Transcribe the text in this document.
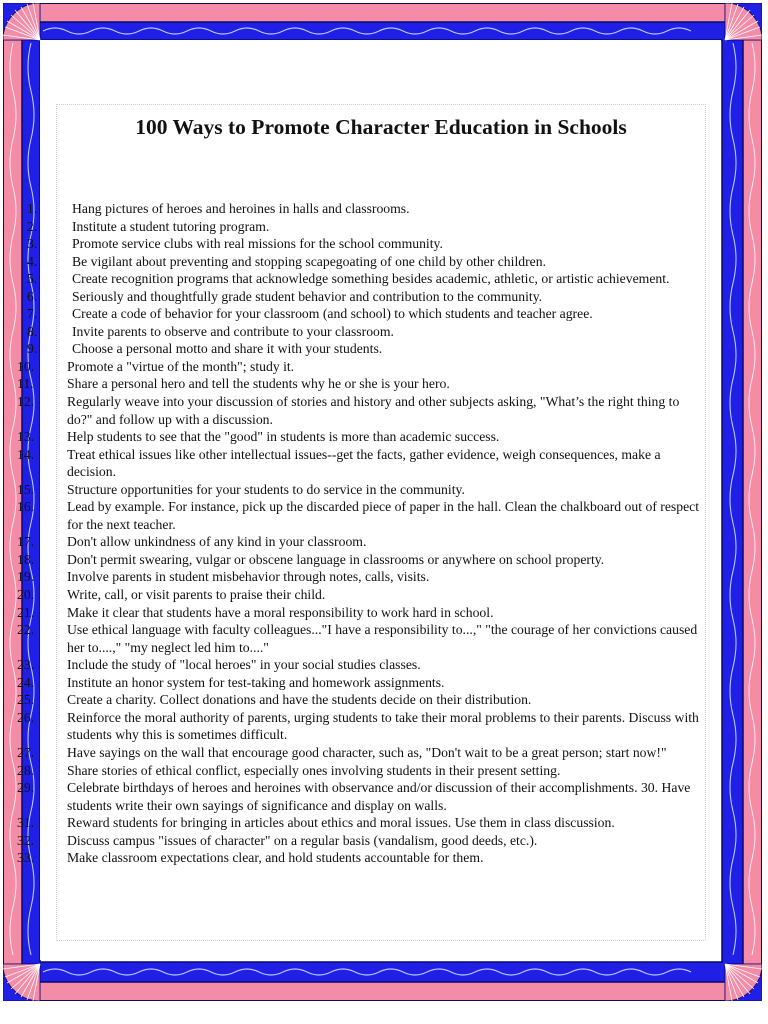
100 Ways to Promote Character Education in Schools
1.	Hang pictures of heroes and heroines in halls and classrooms.
2.	Institute a student tutoring program.
3.	Promote service clubs with real missions for the school community.
4.	Be vigilant about preventing and stopping scapegoating of one child by other children.
5.	Create recognition programs that acknowledge something besides academic, athletic, or artistic achievement.
6.	Seriously and thoughtfully grade student behavior and contribution to the community.
7.	Create a code of behavior for your classroom (and school) to which students and teacher agree.
8.	Invite parents to observe and contribute to your classroom.
9.	Choose a personal motto and share it with your students.
10. Promote a "virtue of the month"; study it.
11. Share a personal hero and tell the students why he or she is your hero.
12. Regularly weave into your discussion of stories and history and other subjects asking, "What’s the right thing to do?" and follow up with a discussion.
13. Help students to see that the "good" in students is more than academic success.
14. Treat ethical issues like other intellectual issues--get the facts, gather evidence, weigh consequences, make a decision.
15. Structure opportunities for your students to do service in the community.
16. Lead by example. For instance, pick up the discarded piece of paper in the hall. Clean the chalkboard out of respect for the next teacher.
17. Don't allow unkindness of any kind in your classroom.
18. Don't permit swearing, vulgar or obscene language in classrooms or anywhere on school property.
19. Involve parents in student misbehavior through notes, calls, visits.
20. Write, call, or visit parents to praise their child.
21. Make it clear that students have a moral responsibility to work hard in school.
22. Use ethical language with faculty colleagues..."I have a responsibility to...," "the courage of her convictions caused her to....," "my neglect led him to...."
23. Include the study of "local heroes" in your social studies classes.
24. Institute an honor system for test-taking and homework assignments.
25. Create a charity. Collect donations and have the students decide on their distribution.
26. Reinforce the moral authority of parents, urging students to take their moral problems to their parents. Discuss with students why this is sometimes difficult.
27. Have sayings on the wall that encourage good character, such as, "Don't wait to be a great person; start now!"
28. Share stories of ethical conflict, especially ones involving students in their present setting.
29. Celebrate birthdays of heroes and heroines with observance and/or discussion of their accomplishments. 30. Have students write their own sayings of significance and display on walls.
31. Reward students for bringing in articles about ethics and moral issues. Use them in class discussion.
32. Discuss campus "issues of character" on a regular basis (vandalism, good deeds, etc.).
33. Make classroom expectations clear, and hold students accountable for them.
